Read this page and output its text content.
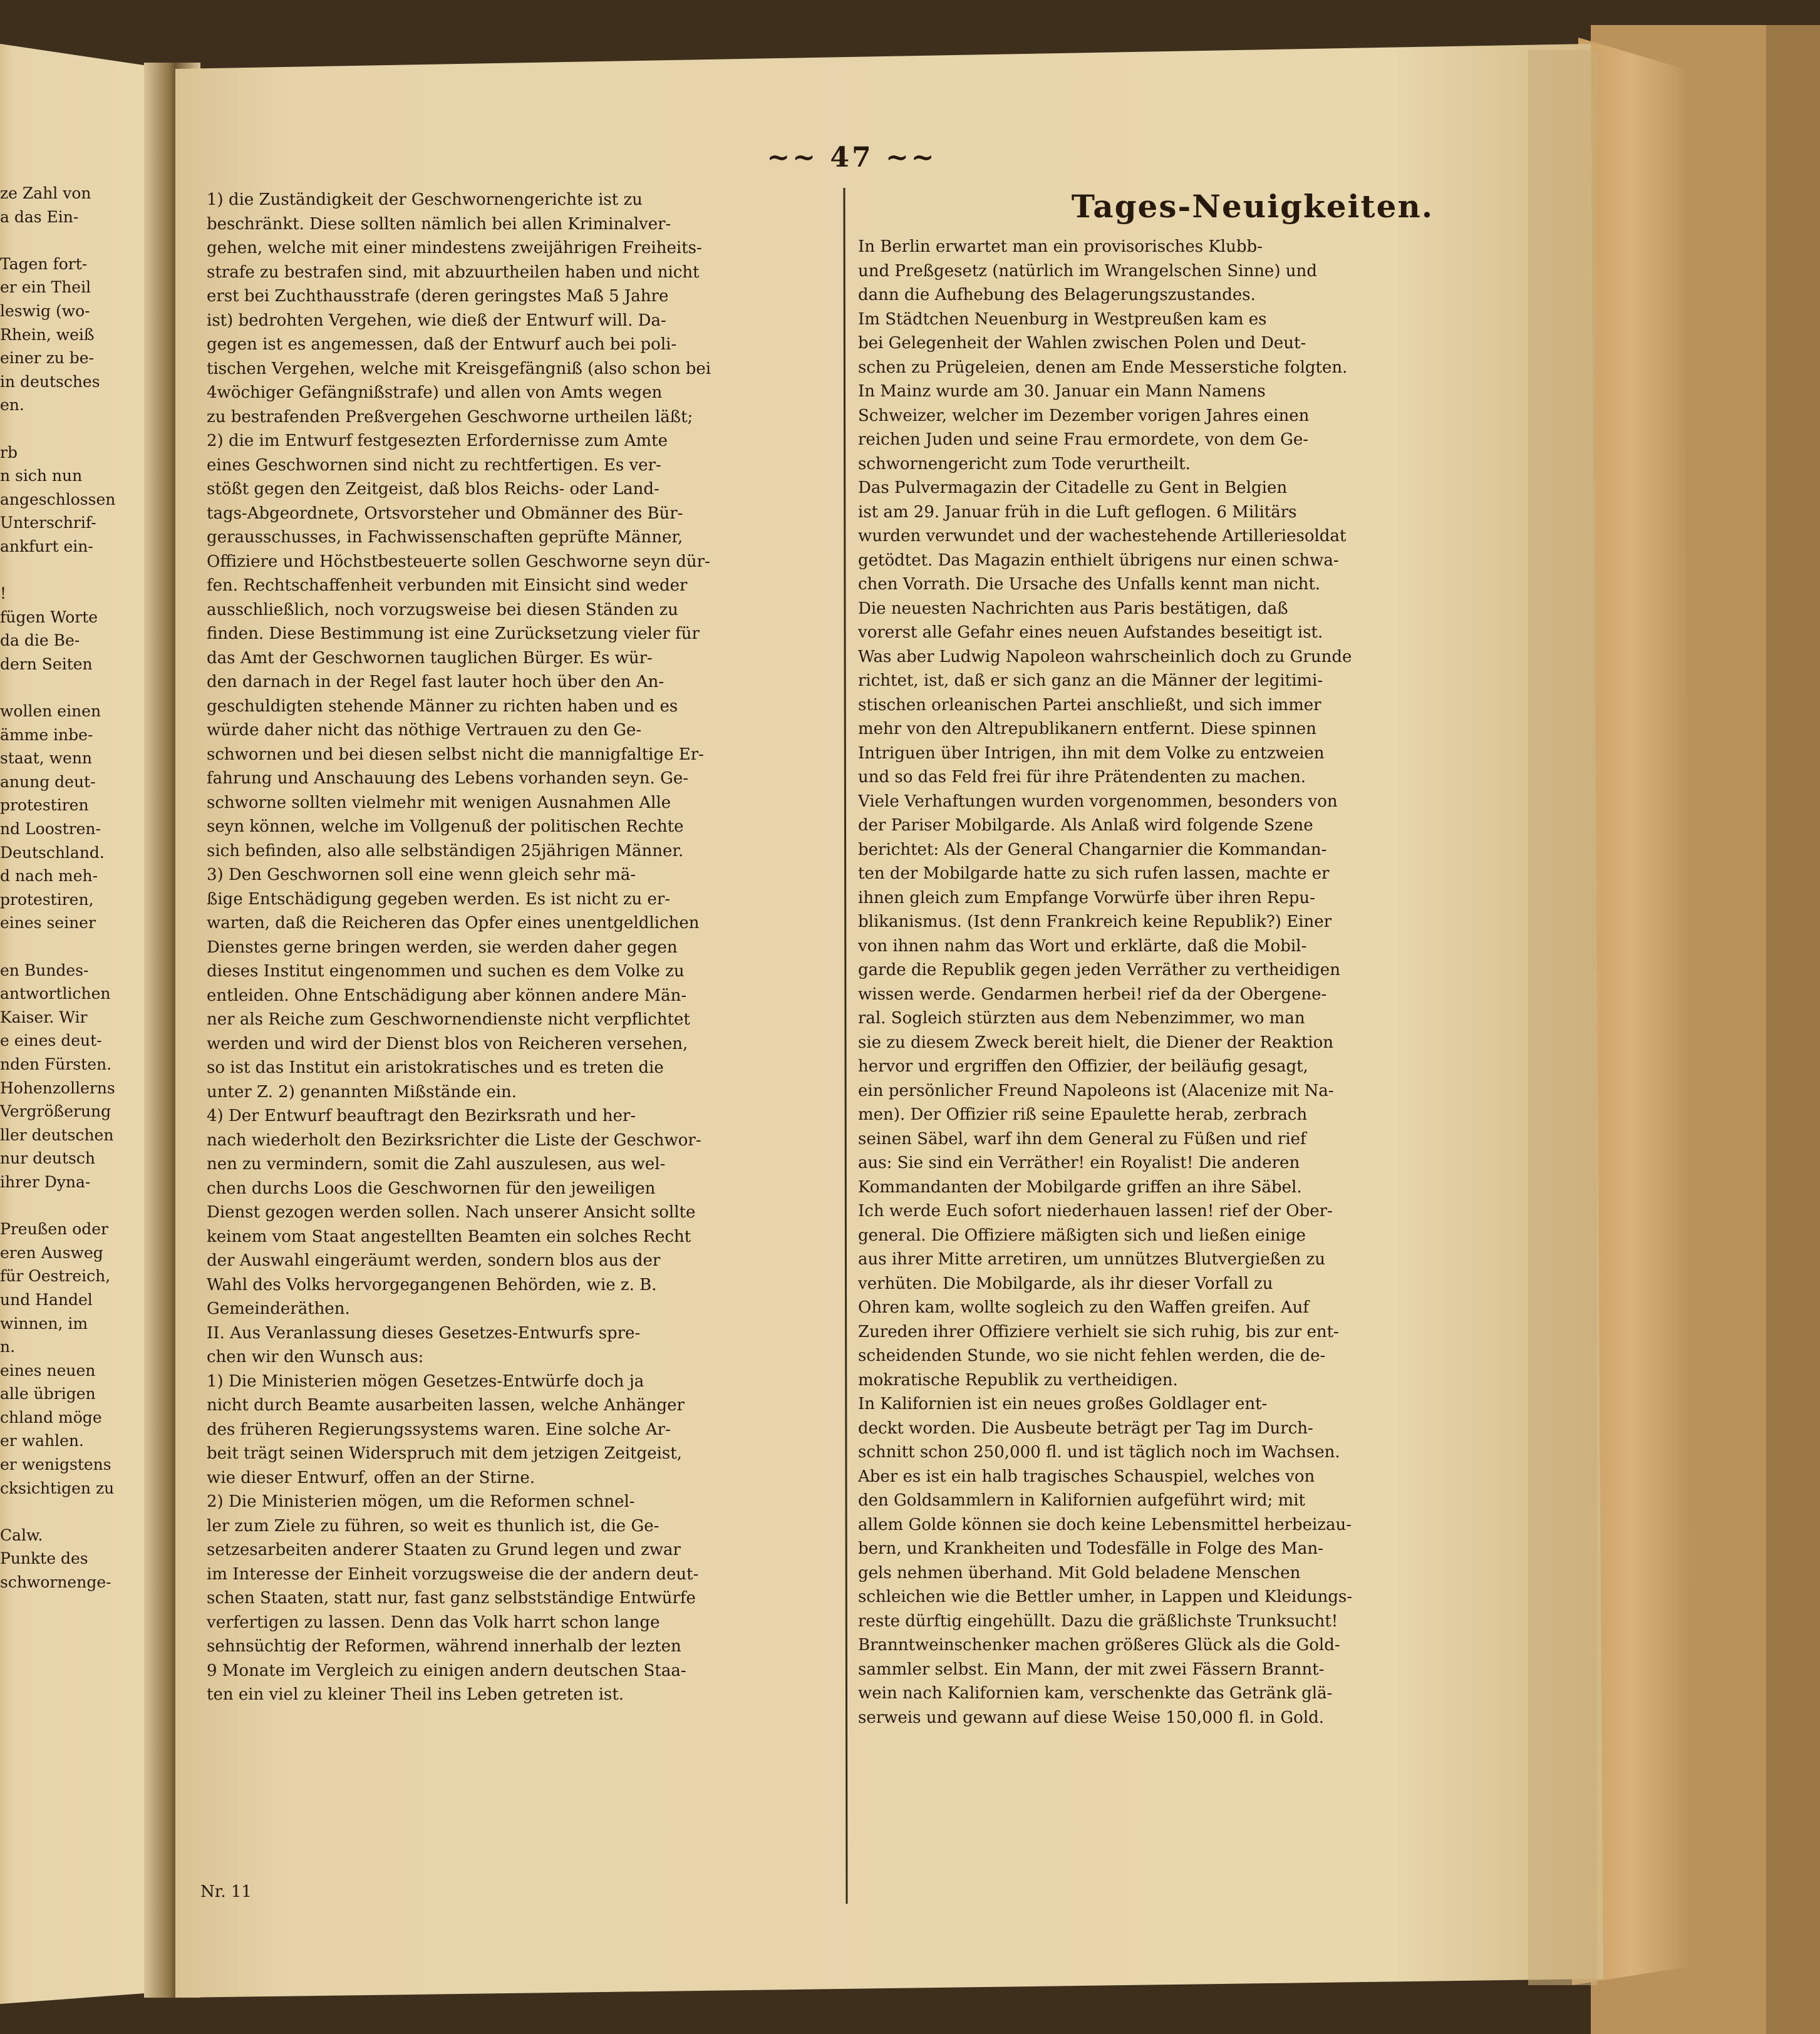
~~ 47 ~~
Tages-Neuigkeiten.

ze Zahl von

a das Ein-

Tagen fort-

er ein Theil

leswig (wo-

Rhein, weiß

einer zu be-

in deutsches

en.

rb

n sich nun

angeschlossen

Unterschrif-

ankfurt ein-

!

fügen Worte

da die Be-

dern Seiten

wollen einen

ämme inbe-

staat, wenn

anung deut-

protestiren

nd Loostren-

Deutschland.

d nach meh-

protestiren,

eines seiner

en Bundes-

antwortlichen

Kaiser. Wir

e eines deut-

nden Fürsten.

Hohenzollerns

Vergrößerung

ller deutschen

nur deutsch

ihrer Dyna-

Preußen oder

eren Ausweg

für Oestreich,

und Handel

winnen, im

n.

eines neuen

alle übrigen

chland möge

er wahlen.

er wenigstens

cksichtigen zu

Calw.

Punkte des

schwornenge-

1) die Zuständigkeit der Geschwornengerichte ist zu

beschränkt. Diese sollten nämlich bei allen Kriminalver-

gehen, welche mit einer mindestens zweijährigen Freiheits-

strafe zu bestrafen sind, mit abzuurtheilen haben und nicht

erst bei Zuchthausstrafe (deren geringstes Maß 5 Jahre

ist) bedrohten Vergehen, wie dieß der Entwurf will. Da-

gegen ist es angemessen, daß der Entwurf auch bei poli-

tischen Vergehen, welche mit Kreisgefängniß (also schon bei

4wöchiger Gefängnißstrafe) und allen von Amts wegen

zu bestrafenden Preßvergehen Geschworne urtheilen läßt;

2) die im Entwurf festgesezten Erfordernisse zum Amte

eines Geschwornen sind nicht zu rechtfertigen. Es ver-

stößt gegen den Zeitgeist, daß blos Reichs- oder Land-

tags-Abgeordnete, Ortsvorsteher und Obmänner des Bür-

gerausschusses, in Fachwissenschaften geprüfte Männer,

Offiziere und Höchstbesteuerte sollen Geschworne seyn dür-

fen. Rechtschaffenheit verbunden mit Einsicht sind weder

ausschließlich, noch vorzugsweise bei diesen Ständen zu

finden. Diese Bestimmung ist eine Zurücksetzung vieler für

das Amt der Geschwornen tauglichen Bürger. Es wür-

den darnach in der Regel fast lauter hoch über den An-

geschuldigten stehende Männer zu richten haben und es

würde daher nicht das nöthige Vertrauen zu den Ge-

schwornen und bei diesen selbst nicht die mannigfaltige Er-

fahrung und Anschauung des Lebens vorhanden seyn. Ge-

schworne sollten vielmehr mit wenigen Ausnahmen Alle

seyn können, welche im Vollgenuß der politischen Rechte

sich befinden, also alle selbständigen 25jährigen Männer.

3) Den Geschwornen soll eine wenn gleich sehr mä-

ßige Entschädigung gegeben werden. Es ist nicht zu er-

warten, daß die Reicheren das Opfer eines unentgeldlichen

Dienstes gerne bringen werden, sie werden daher gegen

dieses Institut eingenommen und suchen es dem Volke zu

entleiden. Ohne Entschädigung aber können andere Män-

ner als Reiche zum Geschwornendienste nicht verpflichtet

werden und wird der Dienst blos von Reicheren versehen,

so ist das Institut ein aristokratisches und es treten die

unter Z. 2) genannten Mißstände ein.

4) Der Entwurf beauftragt den Bezirksrath und her-

nach wiederholt den Bezirksrichter die Liste der Geschwor-

nen zu vermindern, somit die Zahl auszulesen, aus wel-

chen durchs Loos die Geschwornen für den jeweiligen

Dienst gezogen werden sollen. Nach unserer Ansicht sollte

keinem vom Staat angestellten Beamten ein solches Recht

der Auswahl eingeräumt werden, sondern blos aus der

Wahl des Volks hervorgegangenen Behörden, wie z. B.

Gemeinderäthen.

II. Aus Veranlassung dieses Gesetzes-Entwurfs spre-

chen wir den Wunsch aus:

1) Die Ministerien mögen Gesetzes-Entwürfe doch ja

nicht durch Beamte ausarbeiten lassen, welche Anhänger

des früheren Regierungssystems waren. Eine solche Ar-

beit trägt seinen Widerspruch mit dem jetzigen Zeitgeist,

wie dieser Entwurf, offen an der Stirne.

2) Die Ministerien mögen, um die Reformen schnel-

ler zum Ziele zu führen, so weit es thunlich ist, die Ge-

setzesarbeiten anderer Staaten zu Grund legen und zwar

im Interesse der Einheit vorzugsweise die der andern deut-

schen Staaten, statt nur, fast ganz selbstständige Entwürfe

verfertigen zu lassen. Denn das Volk harrt schon lange

sehnsüchtig der Reformen, während innerhalb der lezten

9 Monate im Vergleich zu einigen andern deutschen Staa-

ten ein viel zu kleiner Theil ins Leben getreten ist.

In Berlin erwartet man ein provisorisches Klubb-

und Preßgesetz (natürlich im Wrangelschen Sinne) und

dann die Aufhebung des Belagerungszustandes.

Im Städtchen Neuenburg in Westpreußen kam es

bei Gelegenheit der Wahlen zwischen Polen und Deut-

schen zu Prügeleien, denen am Ende Messerstiche folgten.

In Mainz wurde am 30. Januar ein Mann Namens

Schweizer, welcher im Dezember vorigen Jahres einen

reichen Juden und seine Frau ermordete, von dem Ge-

schwornengericht zum Tode verurtheilt.

Das Pulvermagazin der Citadelle zu Gent in Belgien

ist am 29. Januar früh in die Luft geflogen. 6 Militärs

wurden verwundet und der wachestehende Artilleriesoldat

getödtet. Das Magazin enthielt übrigens nur einen schwa-

chen Vorrath. Die Ursache des Unfalls kennt man nicht.

Die neuesten Nachrichten aus Paris bestätigen, daß

vorerst alle Gefahr eines neuen Aufstandes beseitigt ist.

Was aber Ludwig Napoleon wahrscheinlich doch zu Grunde

richtet, ist, daß er sich ganz an die Männer der legitimi-

stischen orleanischen Partei anschließt, und sich immer

mehr von den Altrepublikanern entfernt. Diese spinnen

Intriguen über Intrigen, ihn mit dem Volke zu entzweien

und so das Feld frei für ihre Prätendenten zu machen.

Viele Verhaftungen wurden vorgenommen, besonders von

der Pariser Mobilgarde. Als Anlaß wird folgende Szene

berichtet: Als der General Changarnier die Kommandan-

ten der Mobilgarde hatte zu sich rufen lassen, machte er

ihnen gleich zum Empfange Vorwürfe über ihren Repu-

blikanismus. (Ist denn Frankreich keine Republik?) Einer

von ihnen nahm das Wort und erklärte, daß die Mobil-

garde die Republik gegen jeden Verräther zu vertheidigen

wissen werde. Gendarmen herbei! rief da der Obergene-

ral. Sogleich stürzten aus dem Nebenzimmer, wo man

sie zu diesem Zweck bereit hielt, die Diener der Reaktion

hervor und ergriffen den Offizier, der beiläufig gesagt,

ein persönlicher Freund Napoleons ist (Alacenize mit Na-

men). Der Offizier riß seine Epaulette herab, zerbrach

seinen Säbel, warf ihn dem General zu Füßen und rief

aus: Sie sind ein Verräther! ein Royalist! Die anderen

Kommandanten der Mobilgarde griffen an ihre Säbel.

Ich werde Euch sofort niederhauen lassen! rief der Ober-

general. Die Offiziere mäßigten sich und ließen einige

aus ihrer Mitte arretiren, um unnützes Blutvergießen zu

verhüten. Die Mobilgarde, als ihr dieser Vorfall zu

Ohren kam, wollte sogleich zu den Waffen greifen. Auf

Zureden ihrer Offiziere verhielt sie sich ruhig, bis zur ent-

scheidenden Stunde, wo sie nicht fehlen werden, die de-

mokratische Republik zu vertheidigen.

In Kalifornien ist ein neues großes Goldlager ent-

deckt worden. Die Ausbeute beträgt per Tag im Durch-

schnitt schon 250,000 fl. und ist täglich noch im Wachsen.

Aber es ist ein halb tragisches Schauspiel, welches von

den Goldsammlern in Kalifornien aufgeführt wird; mit

allem Golde können sie doch keine Lebensmittel herbeizau-

bern, und Krankheiten und Todesfälle in Folge des Man-

gels nehmen überhand. Mit Gold beladene Menschen

schleichen wie die Bettler umher, in Lappen und Kleidungs-

reste dürftig eingehüllt. Dazu die gräßlichste Trunksucht!

Branntweinschenker machen größeres Glück als die Gold-

sammler selbst. Ein Mann, der mit zwei Fässern Brannt-

wein nach Kalifornien kam, verschenkte das Getränk glä-

serweis und gewann auf diese Weise 150,000 fl. in Gold.

Nr. 11
